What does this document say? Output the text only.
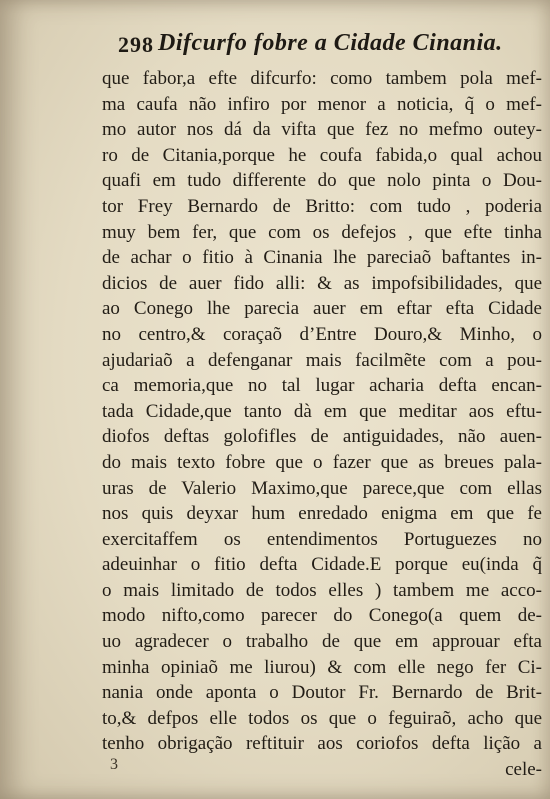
298 Difcurfo fobre a Cidade Cinania.
que fabor,a efte difcurfo: como tambem pola mef-
ma caufa não infiro por menor a noticia, q̃ o mef-
mo autor nos dá da vifta que fez no mefmo outey-
ro de Citania,porque he coufa fabida,o qual achou
quafi em tudo differente do que nolo pinta o Dou-
tor Frey Bernardo de Britto: com tudo , poderia
muy bem fer, que com os defejos , que efte tinha
de achar o fitio à Cinania lhe pareciaõ baftantes in-
dicios de auer fido alli: & as impofsibilidades, que
ao Conego lhe parecia auer em eftar efta Cidade
no centro,& coraçaõ d’Entre Douro,& Minho, o
ajudariaõ a defenganar mais facilmẽte com a pou-
ca memoria,que no tal lugar acharia defta encan-
tada Cidade,que tanto dà em que meditar aos eftu-
diofos deftas golofifles de antiguidades, não auen-
do mais texto fobre que o fazer que as breues pala-
uras de Valerio Maximo,que parece,que com ellas
nos quis deyxar hum enredado enigma em que fe
exercitaffem os entendimentos Portuguezes no
adeuinhar o fitio defta Cidade.E porque eu(inda q̃
o mais limitado de todos elles ) tambem me acco-
modo nifto,como parecer do Conego(a quem de-
uo agradecer o trabalho de que em approuar efta
minha opiniaõ me liurou) & com elle nego fer Ci-
nania onde aponta o Doutor Fr. Bernardo de Brit-
to,& defpos elle todos os que o feguiraõ, acho que
tenho obrigação reftituir aos coriofos defta lição a
cele-
3
